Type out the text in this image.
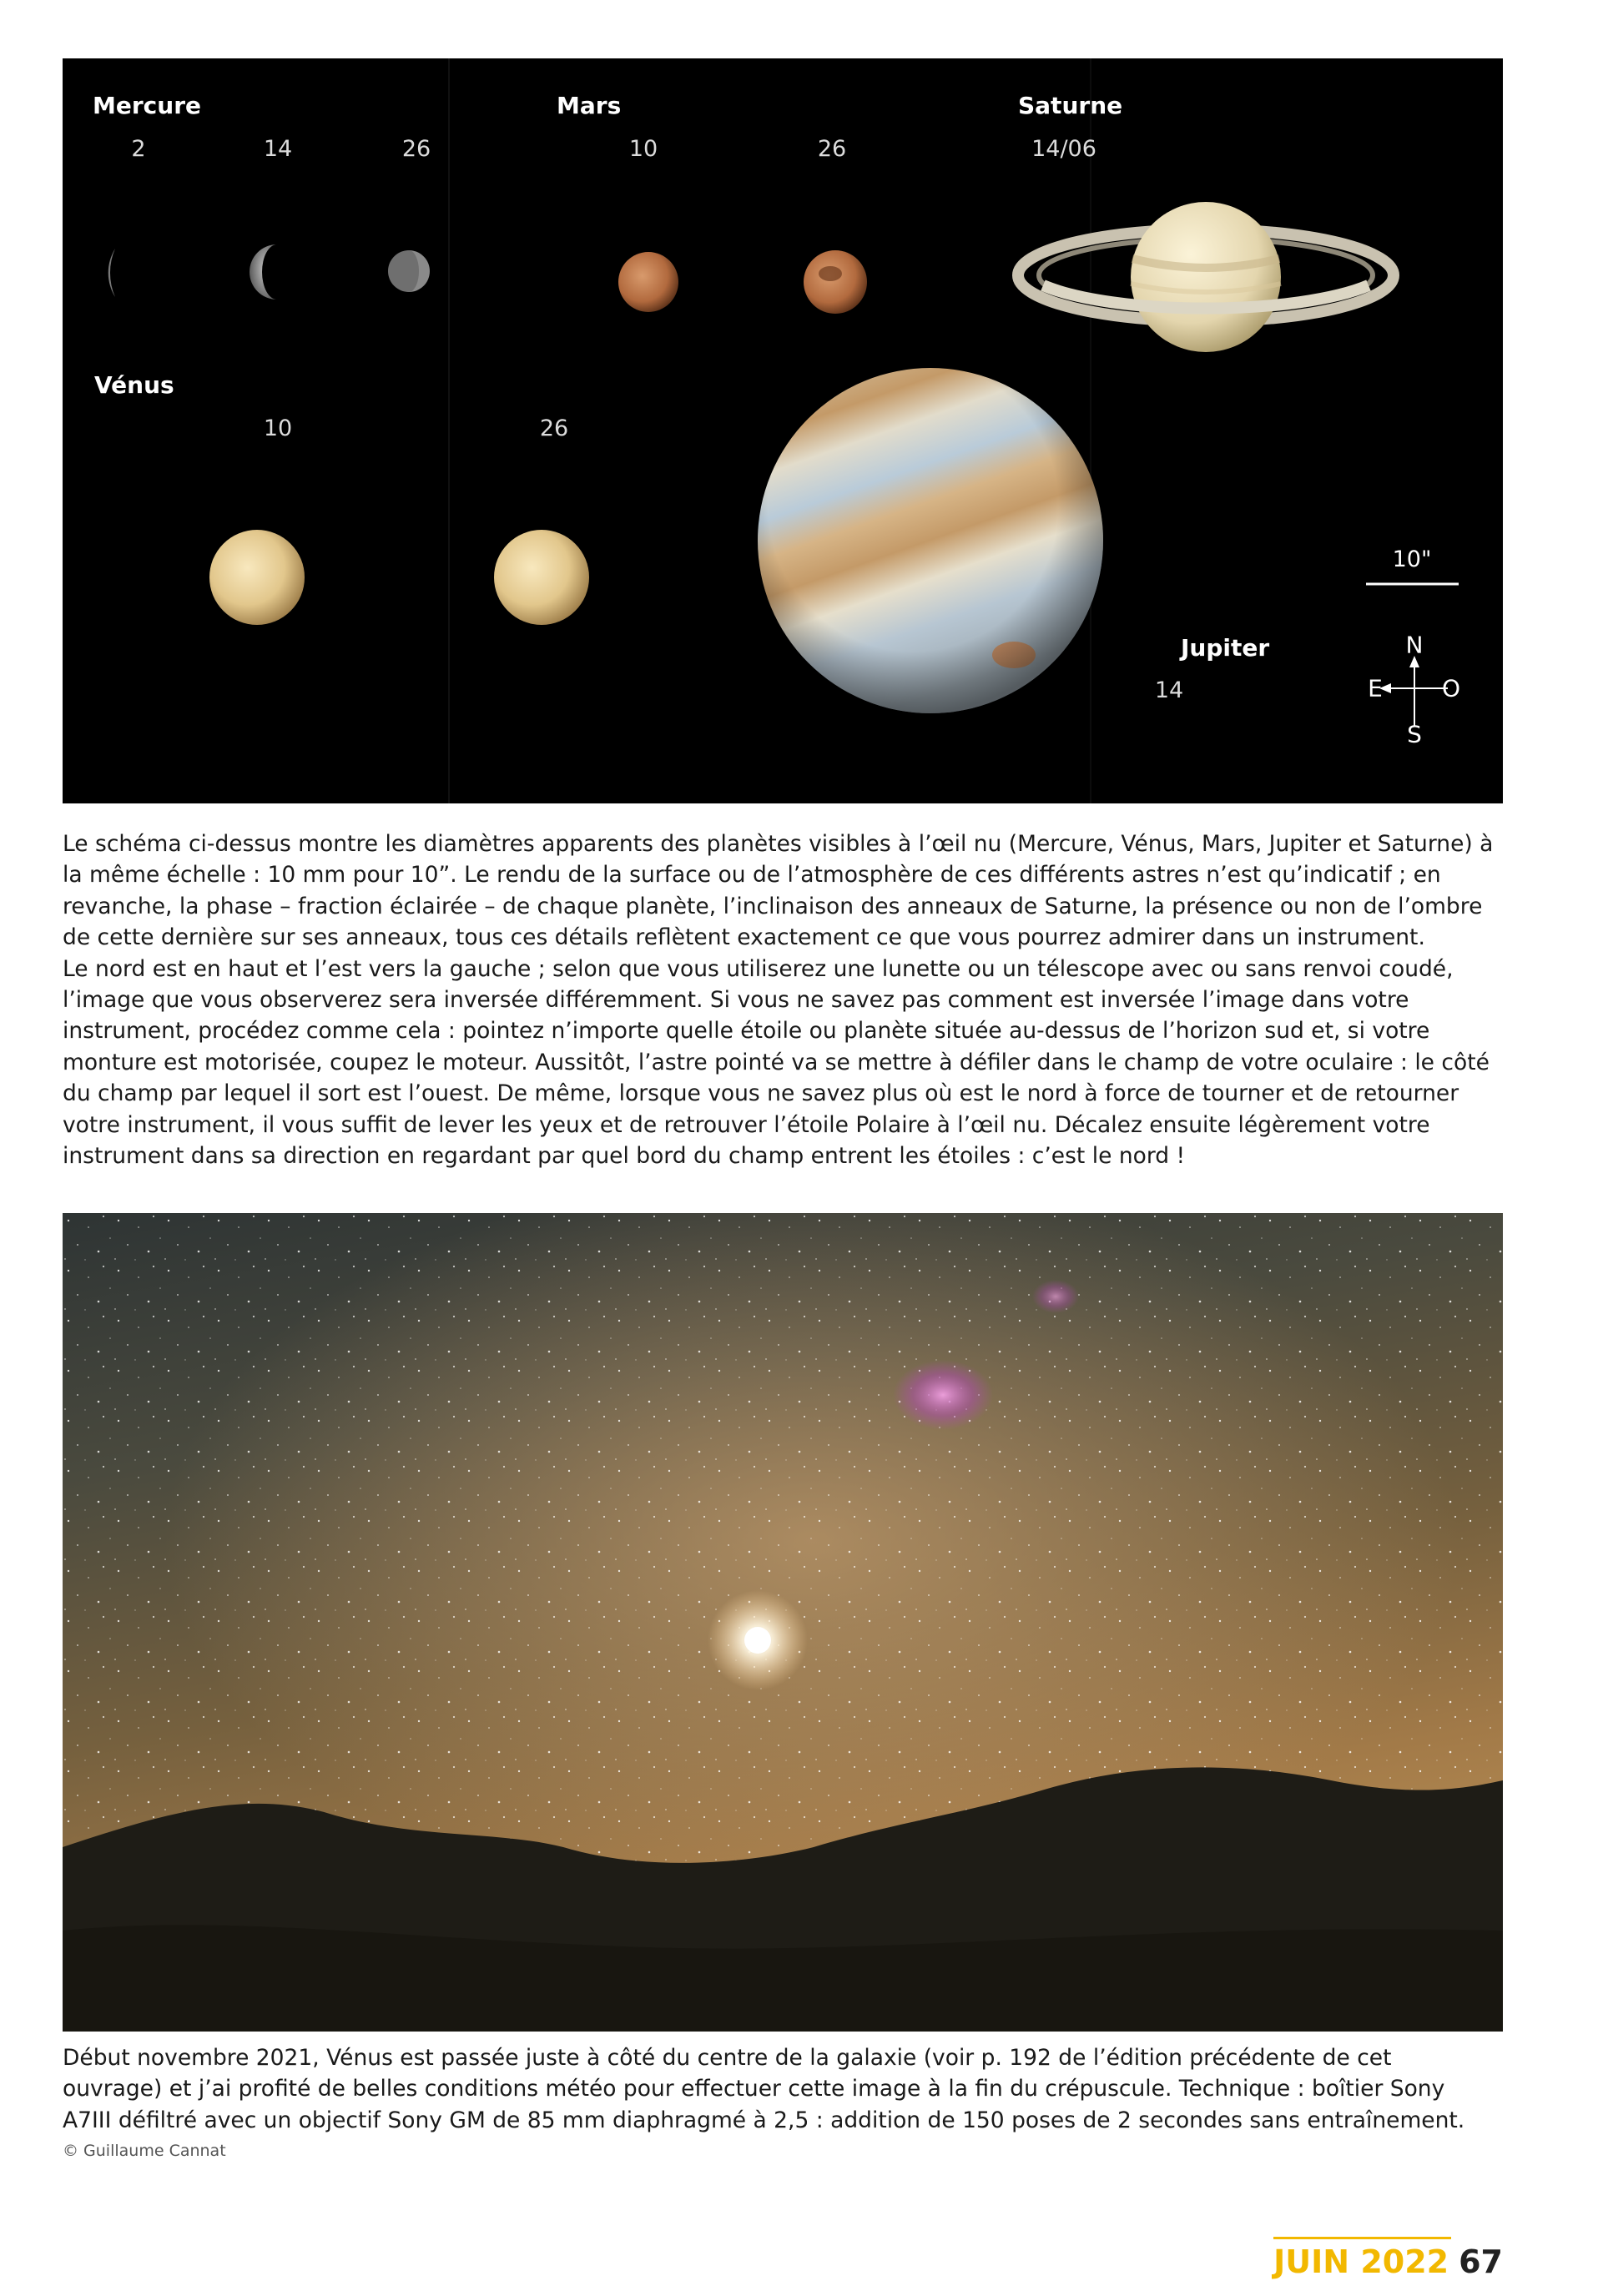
Mercure
2	14	26
Mars
10	26
Saturne
14/06
Vénus
10	26
10"
Jupiter
14
N
E	O
S

Le schéma ci-dessus montre les diamètres apparents des planètes visibles à l’œil nu (Mercure, Vénus, Mars, Jupiter et Saturne) à la même échelle : 10 mm pour 10”. Le rendu de la surface ou de l’atmosphère de ces différents astres n’est qu’indicatif ; en revanche, la phase – fraction éclairée – de chaque planète, l’inclinaison des anneaux de Saturne, la présence ou non de l’ombre de cette dernière sur ses anneaux, tous ces détails reflètent exactement ce que vous pourrez admirer dans un instrument.

Le nord est en haut et l’est vers la gauche ; selon que vous utiliserez une lunette ou un télescope avec ou sans renvoi coudé, l’image que vous observerez sera inversée différemment. Si vous ne savez pas comment est inversée l’image dans votre instrument, procédez comme cela : pointez n’importe quelle étoile ou planète située au-dessus de l’horizon sud et, si votre monture est motorisée, coupez le moteur. Aussitôt, l’astre pointé va se mettre à défiler dans le champ de votre oculaire : le côté du champ par lequel il sort est l’ouest. De même, lorsque vous ne savez plus où est le nord à force de tourner et de retourner votre instrument, il vous suffit de lever les yeux et de retrouver l’étoile Polaire à l’œil nu. Décalez ensuite légèrement votre instrument dans sa direction en regardant par quel bord du champ entrent les étoiles : c’est le nord !

Début novembre 2021, Vénus est passée juste à côté du centre de la galaxie (voir p. 192 de l’édition précédente de cet ouvrage) et j’ai profité de belles conditions météo pour effectuer cette image à la fin du crépuscule. Technique : boîtier Sony A7III défiltré avec un objectif Sony GM de 85 mm diaphragmé à 2,5 : addition de 150 poses de 2 secondes sans entraînement.
© Guillaume Cannat
JUIN 2022 67
